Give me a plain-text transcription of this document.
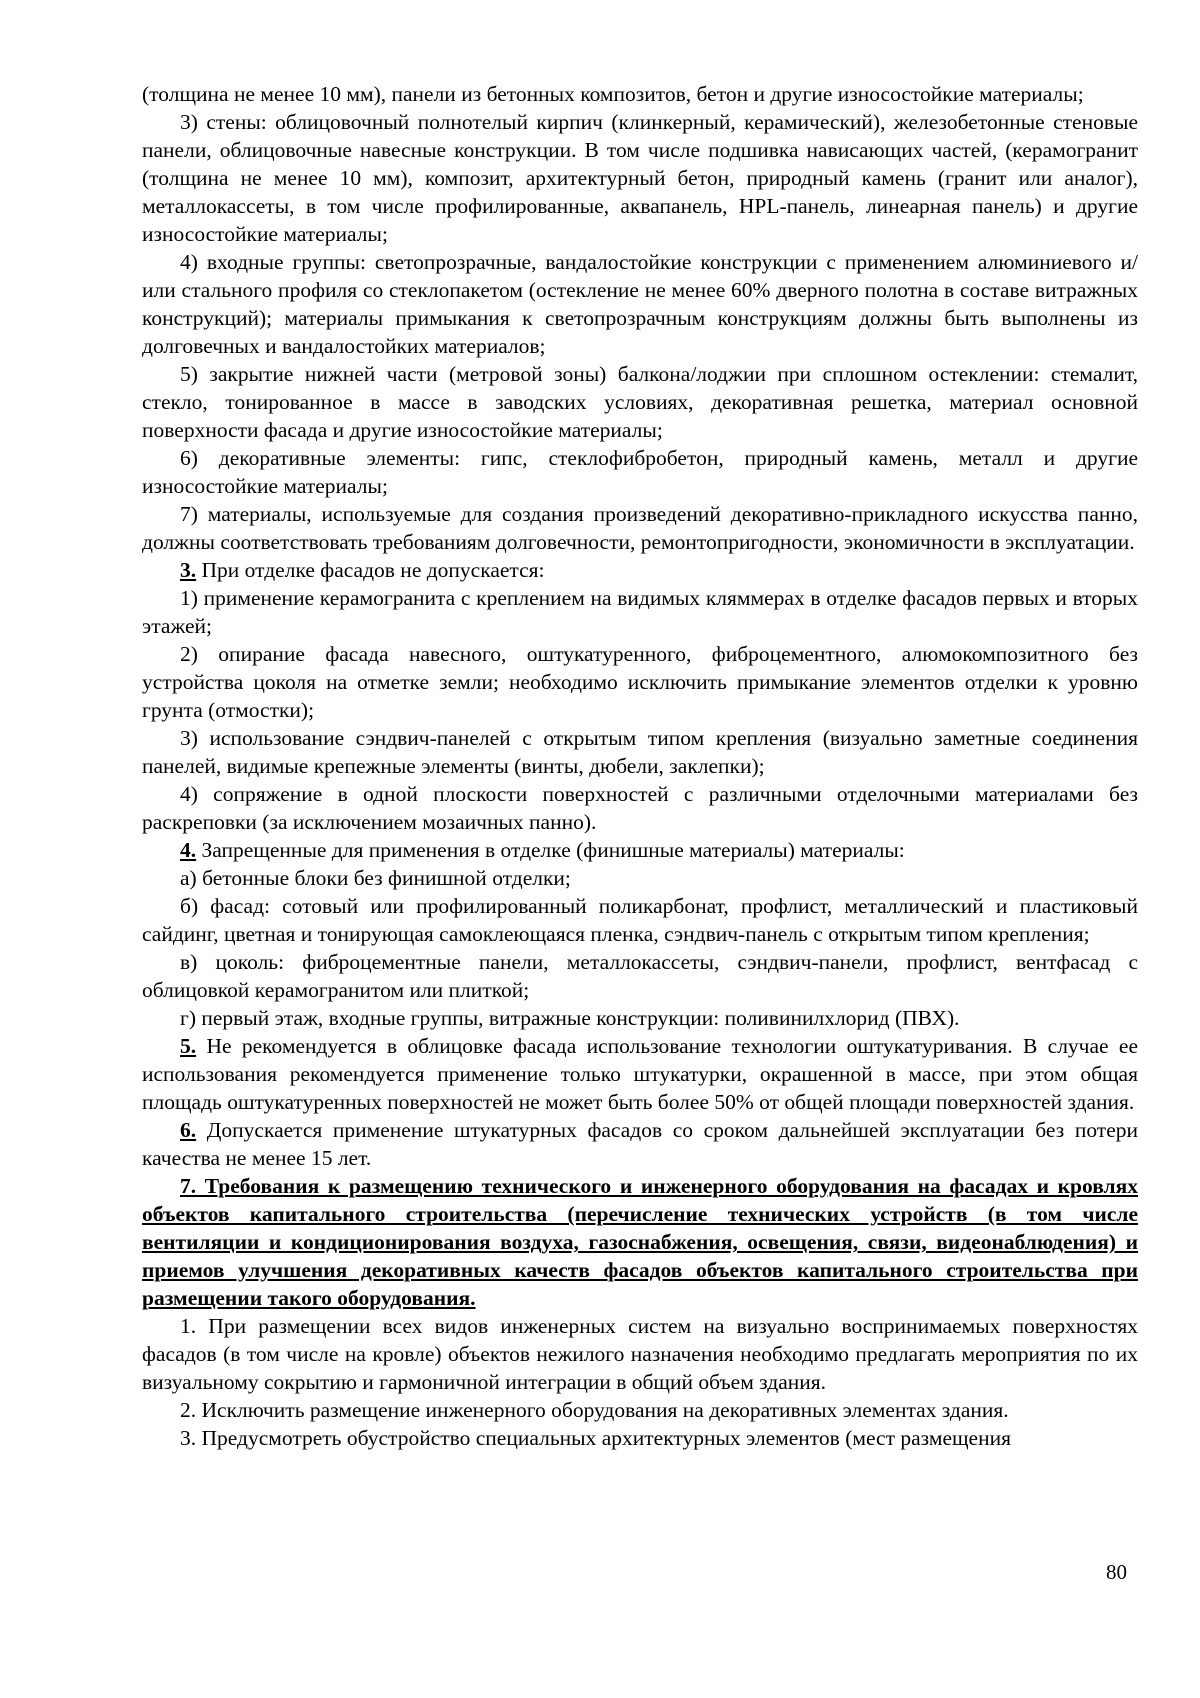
(толщина не менее 10 мм), панели из бетонных композитов, бетон и другие износостойкие материалы;

3) стены: облицовочный полнотелый кирпич (клинкерный, керамический), железобетонные стеновые панели, облицовочные навесные конструкции. В том числе подшивка нависающих частей, (керамогранит (толщина не менее 10 мм), композит, архитектурный бетон, природный камень (гранит или аналог), металлокассеты, в том числе профилированные, аквапанель, HPL-панель, линеарная панель) и другие износостойкие материалы;

4) входные группы: светопрозрачные, вандалостойкие конструкции с применением алюминиевого и/или стального профиля со стеклопакетом (остекление не менее 60% дверного полотна в составе витражных конструкций); материалы примыкания к светопрозрачным конструкциям должны быть выполнены из долговечных и вандалостойких материалов;

5) закрытие нижней части (метровой зоны) балкона/лоджии при сплошном остеклении: стемалит, стекло, тонированное в массе в заводских условиях, декоративная решетка, материал основной поверхности фасада и другие износостойкие материалы;

6) декоративные элементы: гипс, стеклофибробетон, природный камень, металл и другие износостойкие материалы;

7) материалы, используемые для создания произведений декоративно-прикладного искусства панно, должны соответствовать требованиям долговечности, ремонтопригодности, экономичности в эксплуатации.

3. При отделке фасадов не допускается:

1) применение керамогранита с креплением на видимых кляммерах в отделке фасадов первых и вторых этажей;

2) опирание фасада навесного, оштукатуренного, фиброцементного, алюмокомпозитного без устройства цоколя на отметке земли; необходимо исключить примыкание элементов отделки к уровню грунта (отмостки);

3) использование сэндвич-панелей с открытым типом крепления (визуально заметные соединения панелей, видимые крепежные элементы (винты, дюбели, заклепки);

4) сопряжение в одной плоскости поверхностей с различными отделочными материалами без раскреповки (за исключением мозаичных панно).

4. Запрещенные для применения в отделке (финишные материалы) материалы:

а) бетонные блоки без финишной отделки;

б) фасад: сотовый или профилированный поликарбонат, профлист, металлический и пластиковый сайдинг, цветная и тонирующая самоклеющаяся пленка, сэндвич-панель с открытым типом крепления;

в) цоколь: фиброцементные панели, металлокассеты, сэндвич-панели, профлист, вентфасад с облицовкой керамогранитом или плиткой;

г) первый этаж, входные группы, витражные конструкции: поливинилхлорид (ПВХ).

5. Не рекомендуется в облицовке фасада использование технологии оштукатуривания. В случае ее использования рекомендуется применение только штукатурки, окрашенной в массе, при этом общая площадь оштукатуренных поверхностей не может быть более 50% от общей площади поверхностей здания.

6. Допускается применение штукатурных фасадов со сроком дальнейшей эксплуатации без потери качества не менее 15 лет.

7. Требования к размещению технического и инженерного оборудования на фасадах и кровлях объектов капитального строительства (перечисление технических устройств (в том числе вентиляции и кондиционирования воздуха, газоснабжения, освещения, связи, видеонаблюдения) и приемов улучшения декоративных качеств фасадов объектов капитального строительства при размещении такого оборудования.

1. При размещении всех видов инженерных систем на визуально воспринимаемых поверхностях фасадов (в том числе на кровле) объектов нежилого назначения необходимо предлагать мероприятия по их визуальному сокрытию и гармоничной интеграции в общий объем здания.

2. Исключить размещение инженерного оборудования на декоративных элементах здания.

3. Предусмотреть обустройство специальных архитектурных элементов (мест размещения

80
